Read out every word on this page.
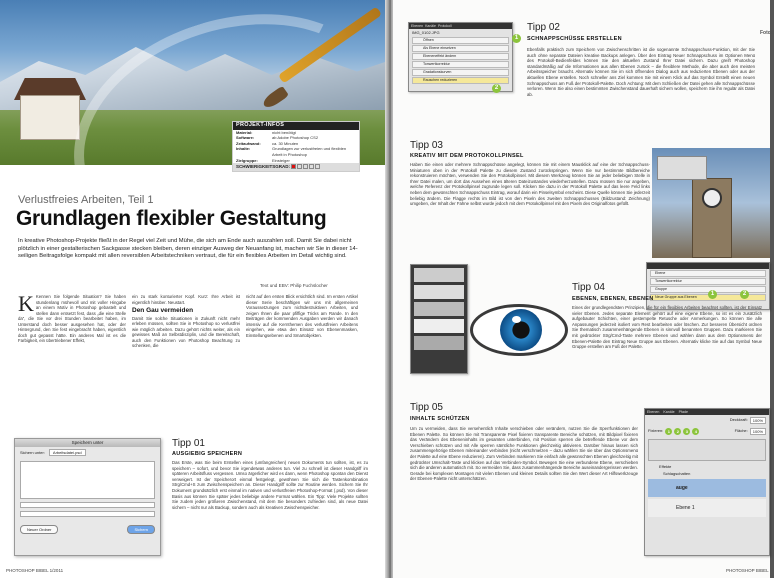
PROJEKT-INFOS
Material:	nicht benötigt
Software:	ab Adobe Photoshop CS2
Zeitaufwand:	ca. 30 Minuten
Inhalte:	Grundlagen zur verlustfreien und flexiblen Arbeit in Photoshop
Zielgruppe:	Einsteiger
SCHWIERIGKEITSGRAD:
Verlustfreies Arbeiten, Teil 1
Grundlagen flexibler Gestaltung
In kreative Photoshop-Projekte fließt in der Regel viel Zeit und Mühe, die sich am Ende auch auszahlen soll. Damit Sie dabei nicht plötzlich in einer gestalterischen Sackgasse stecken bleiben, deren einziger Ausweg der Neuanfang ist, machen wir Sie in dieser 14-seiligen Beitragsfolge kompakt mit allen reversiblen Arbeitstechniken vertraut, die für ein flexibles Arbeiten im Detail wichtig sind.
Text und EBV: Philip Fuchslocher
K Kennen Sie folgende Situation? Sie haben stundenlang mühevoll und mit voller Hingabe an einem Motiv in Photoshop gebastelt und stellen dann entsetzt fest, dass „die eine Stelle da“, die Sie vor drei Stunden bearbeitet haben, im Unterstand doch besser ausgesehen hat, oder der Hintergrund, den Sie fest eingebracht haben, eigentlich doch gut gepasst hätte. Ein anderes Mal ist es die Farbigkeit, ein übertriebener Effekt,
ein zu stark konturierter Kopf. Kurz: Ihre Arbeit ist eigentlich hinüber. Neustart.
Den Gau vermeiden
Damit Sie solche Situationen in Zukunft nicht mehr erleben müssen, sollten Sie in Photoshop so verlustfrei wie möglich arbeiten. Dazu gehört nichts weiter, als ein gewisses Maß an Selbstdisziplin, und die Bereitschaft, auch den Funktionen von Photoshop Beachtung zu schenken, die
nicht auf den ersten Blick ersichtlich sind. Im ersten Artikel dieser Serie beschäftigen wir uns mit allgemeinen Voraussetzungen zum nichtdestruktiven Arbeiten, und zeigen Ihnen die paar pfiffige Tricks am Rande. In den Beiträgen der kommenden Ausgaben werden wir danach intensiv auf die Kernthemen des verlustfreien Arbeitens eingehen, wie etwa den Einsatz von Ebenenmasken, Einstellungsebenen und Smartobjekten.
Speichern unter
Sichern unter:	Arbeitsdatei.psd
Neuer Ordner	Sichern
Tipp 01
AUSGIEBIG SPEICHERN
Das Erste, was Sie beim Erstellen eines (umfangreichen) neuen Dokuments tun sollten, ist, es zu speichern – sofort, und bevor Sie irgendetwas anderes tun. Viel zu schnell ist dieser Handgriff im späteren Arbeitsfluss vergessen. Umso ärgerlicher wird es dann, wenn Photoshop spontan den Dienst verweigert. Ist der Speicherort einmal festgelegt, gewöhnen Sie sich die Tastenkombination Strg/Cmd+S zum Zwischenspeichern an. Dieser Handgriff sollte zur Routine werden. Sichern Sie Ihr Dokument grundsätzlich erst einmal im nativen und verlustfreien Photoshop-Format (.psd). Von dieser Basis aus können Sie später jedes beliebige andere Format wählen. Ein Tipp: Viele Projekte sollten Sie zudem jeden größeren Zwischenstand, mit dem Sie besonders zufrieden sind, als neue Datei sichern – nicht nur als Backup, sondern auch als kreativen Zwischenspeicher.
PHOTOSHOP BIBEL 1/2011
Ebenen Kanäle Protokoll
IMG_0102.JPG
Öffnen
Als Ebene einsetzen
Ebeneneffekt ändern
Tonwertkorrektur
Gradationskurven
Rauschen reduzieren
1
2
Tipp 02
SCHNAPPSCHÜSSE ERSTELLEN
Ebenfalls praktisch zum Speichern von Zwischenschritten ist die sogenannte Schnappschuss-Funktion, mit der Sie auch ohne separate Dateien kreative Backups anlegen. Über den Eintrag Neuer Schnappschuss im Optionen Menü des Protokoll-Bedienfeldes können Sie den aktuellen Zustand Ihrer Datei sichern. Dazu greift Photoshop standardmäßig auf die Informationen aus allen Ebenen zurück – die flexiblere Methode, die aber auch den meisten Arbeitsspeicher braucht. Alternativ können Sie im sich öffnenden Dialog auch aus reduzierten Ebenen oder aus der aktuellen Ebene erstellen. Noch schneller ans Ziel kommen Sie mit einem Klick auf das Symbol Erstellt einen neuen Schnappschuss am Fuß der Protokoll-Palette. Doch Achtung: Mit dem Schließen der Datei gehen alle Schnappschüsse verloren. Wenn Sie also einen bestimmten Zwischenstand dauerhaft sichern wollen, speichern Sie ihn regulär als Datei ab.
Fotos
Tipp 03
KREATIV MIT DEM PROTOKOLLPINSEL
Haben Sie einen oder mehrere Schnappschüsse angelegt, können Sie mit einem Mausklick auf eine der Schnappschuss-Miniaturen oben in der Protokoll Palette zu diesem Zustand zurückspringen. Wenn Sie nur bestimmte Bildbereiche rekonstruieren möchten, verwenden Sie den Protokollpinsel. Mit diesem Werkzeug können Sie an jeder beliebigen Stelle in Ihrer Datei malen, um dort das Aussehen eines älteren Dateizustandes wiederherzustellen. Dazu müssen Sie nur angeben, welche Referenz der Protokollpinsel zugrunde legen soll. Klicken Sie dazu in der Protokoll Palette auf das leere Feld links neben dem gewünschten Schnappschuss Eintrag, worauf darin ein Pinselsymbol erscheint. Diese Quelle können Sie jederzeit beliebig ändern. Die Flagge rechts im Bild ist von den Pixeln des zweiten Schnappschusses (Bildzustand: Zeichnung) umgeben, der Inhalt der Fahne selbst wurde jedoch mit dem Protokollpinsel mit den Pixeln des Originalfotos gefüllt.
Ebene
Tonwertkorrektur
Gruppe
Neue Gruppe aus Ebenen	1	2
Tipp 04
EBENEN, EBENEN, EBENEN
Eines der grundlegendsten Prinzipien, die für ein flexibles Arbeiten beachtet sollten, ist der Einsatz vieler Ebenen. Jedes separate Element gehört auf eine eigene Ebene, so ist es ein zusätzlich aufgebauter Schichten, einer gestempelte Retusche oder Anmerkungen. So können Sie alle Anpassungen jederzeit isoliert vom Rest bearbeiten oder löschen. Zur besseren Übersicht ordnen Sie thematisch zusammenhängende Ebenen in sinnvoll benannten Gruppen. Dazu markieren Sie mit gedrückter Strg/Cmd-Taste mehrere Ebenen und wählen dann aus dem Optionsmenü der Ebenen-Palette den Eintrag Neue Gruppe aus Ebenen. Alternativ klicke Sie auf das Symbol Neue Gruppe erstellen am Fuß der Palette.
Tipp 05
INHALTE SCHÜTZEN
Um zu vermeiden, dass Sie versehentlich Inhalte verschieben oder verändern, nutzen Sie die Sperrfunktionen der Ebenen Palette. So können Sie mit Transparente Pixel fixieren transparente Bereiche schützen, mit Bildpixel fixieren das Verändern des Ebeneninhalts im gesamten unterbinden, mit Position sperren die betreffende Ebene vor dem Verschieben schützen und mit Alle sperren sämtliche Funktionen gleichzeitig aktivieren. Darüber hinaus lassen sich zusammengehörige Ebenen miteinander verbinden (nicht verschmelzen – dazu wählen Sie sie über das Optionsmenü der Palette auf eine Ebene reduzieren). Zum Verbinden markieren Sie einfach alle gewünschten Ebenen gleichzeitig mit gedrückter Umschalt-Taste und klicken auf das Verbinden-Symbol. Bewegen Sie eine verbundene Ebene, verschieben sich die anderen automatisch mit. So vermeiden Sie, dass zusammenhängende Bereiche auseinandergerissen werden. Gerade bei komplexen Montagen mit vielen Ebenen und kleinen Details sollten Sie den Wert dieser Art Hilfswerkzeuge der Ebenen-Palette nicht unterschätzen.
Ebenen Kanäle Pfade
Deckkraft:	100%
Fixieren:	1	2	3	4	Fläche:	100%
Effekte
Schlagschatten
auge
Ebene 1
PHOTOSHOP BIBEL
